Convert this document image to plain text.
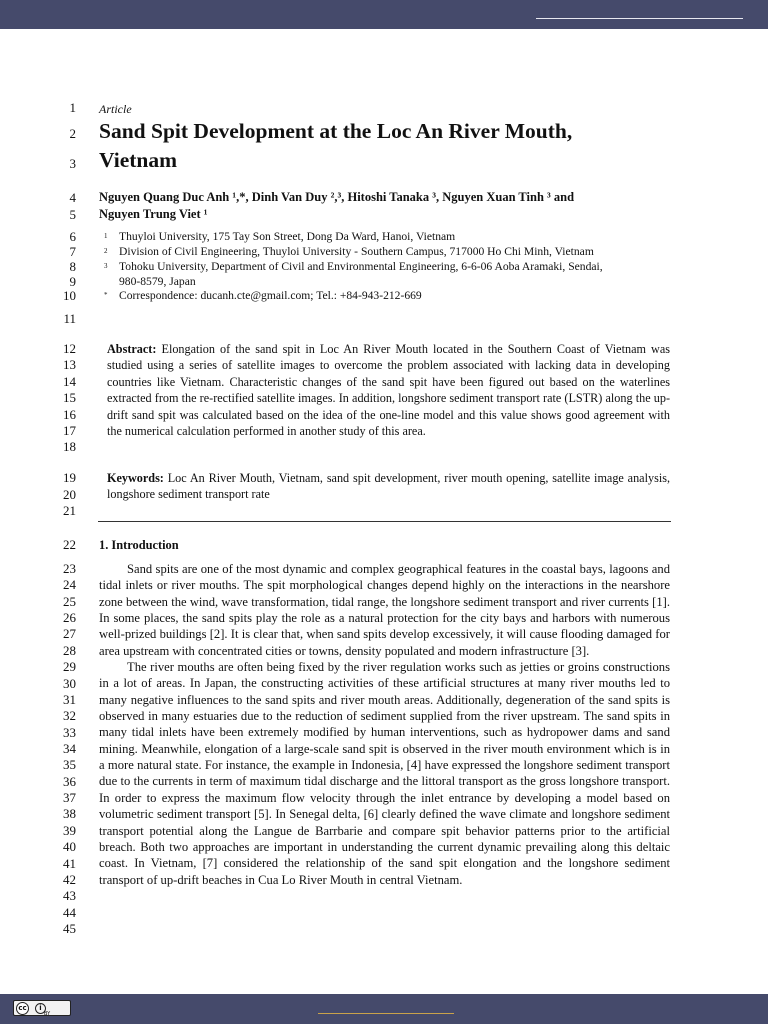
1
2
3
4
5
6
7
8
9
10
11
12
13
14
15
16
17
18
19
20
21
22
23
24
25
26
27
28
29
30
31
32
33
34
35
36
37
38
39
40
41
42
43
44
45
Article
Sand Spit Development at the Loc An River Mouth,
Vietnam
Nguyen Quang Duc Anh ¹,*, Dinh Van Duy ²,³, Hitoshi Tanaka ³, Nguyen Xuan Tinh ³ and
Nguyen Trung Viet ¹
1 Thuyloi University, 175 Tay Son Street, Dong Da Ward, Hanoi, Vietnam
2 Division of Civil Engineering, Thuyloi University - Southern Campus, 717000 Ho Chi Minh, Vietnam
3 Tohoku University, Department of Civil and Environmental Engineering, 6-6-06 Aoba Aramaki, Sendai,
980-8579, Japan
* Correspondence: ducanh.cte@gmail.com; Tel.: +84-943-212-669
Abstract: Elongation of the sand spit in Loc An River Mouth located in the Southern Coast of Vietnam was studied using a series of satellite images to overcome the problem associated with lacking data in developing countries like Vietnam. Characteristic changes of the sand spit have been figured out based on the waterlines extracted from the re-rectified satellite images. In addition, longshore sediment transport rate (LSTR) along the up-drift sand spit was calculated based on the idea of the one-line model and this value shows good agreement with the numerical calculation performed in another study of this area.
Keywords: Loc An River Mouth, Vietnam, sand spit development, river mouth opening, satellite image analysis, longshore sediment transport rate
1. Introduction

Sand spits are one of the most dynamic and complex geographical features in the coastal bays, lagoons and tidal inlets or river mouths. The spit morphological changes depend highly on the interactions in the nearshore zone between the wind, wave transformation, tidal range, the longshore sediment transport and river currents [1]. In some places, the sand spits play the role as a natural protection for the city bays and harbors with numerous well-prized buildings [2]. It is clear that, when sand spits develop excessively, it will cause flooding damaged for area upstream with concentrated cities or towns, density populated and modern infrastructure [3].

The river mouths are often being fixed by the river regulation works such as jetties or groins constructions in a lot of areas. In Japan, the constructing activities of these artificial structures at many river mouths led to many negative influences to the sand spits and river mouth areas. Additionally, degeneration of the sand spits is observed in many estuaries due to the reduction of sediment supplied from the river upstream. The sand spits in many tidal inlets have been extremely modified by human interventions, such as hydropower dams and sand mining. Meanwhile, elongation of a large-scale sand spit is observed in the river mouth environment which is in a more natural state. For instance, the example in Indonesia, [4] have expressed the longshore sediment transport due to the currents in term of maximum tidal discharge and the littoral transport as the gross longshore transport. In order to express the maximum flow velocity through the inlet entrance by developing a model based on volumetric sediment transport [5]. In Senegal delta, [6] clearly defined the wave climate and longshore sediment transport potential along the Langue de Barrbarie and compare spit behavior patterns prior to the artificial breach. Both two approaches are important in understanding the current dynamic prevailing along this deltaic coast. In Vietnam, [7] considered the relationship of the sand spit elongation and the longshore sediment transport of up-drift beaches in Cua Lo River Mouth in central Vietnam.

cc	i
BY
